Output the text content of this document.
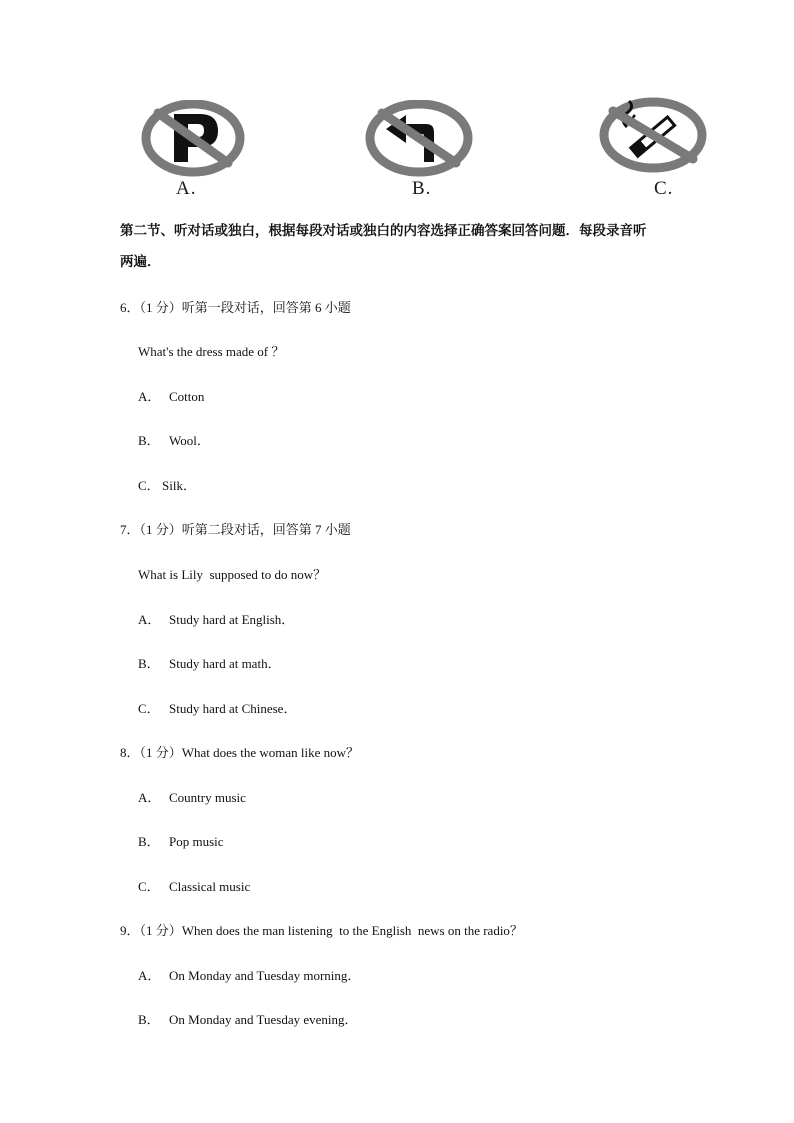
A.	B.	C.
第二节、听对话或独白，根据每段对话或独白的内容选择正确答案回答问题．每段录音听
两遍．
6．（1 分）听第一段对话，回答第 6 小题
What's the dress made of ？
A． Cotton
B． Wool．
C． Silk．
7．（1 分）听第二段对话，回答第 7 小题
What is Lily  supposed to do now？
A． Study hard at English．
B． Study hard at math．
C． Study hard at Chinese．
8．（1 分）What does the woman like now？
A． Country music
B． Pop music
C． Classical music
9．（1 分）When does the man listening  to the English  news on the radio？
A． On Monday and Tuesday morning．
B． On Monday and Tuesday evening．
